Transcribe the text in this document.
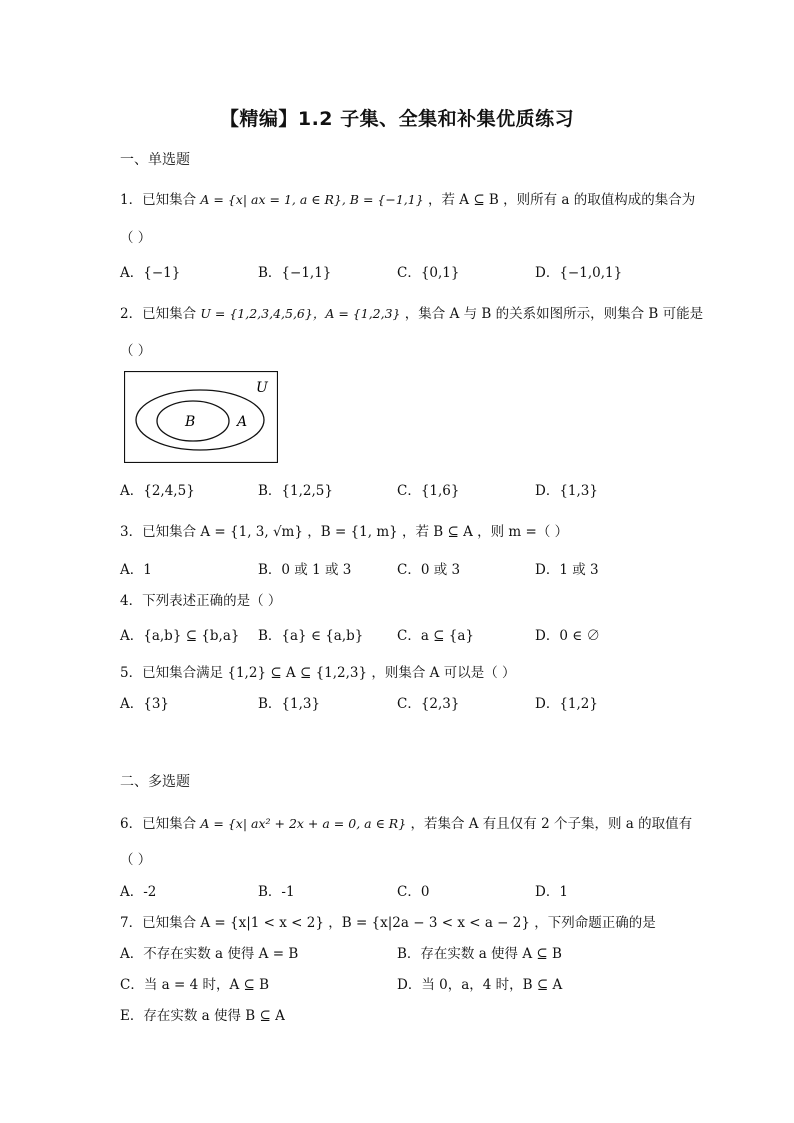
【精编】1.2 子集、全集和补集优质练习
一、单选题
1．已知集合 A = {x| ax = 1, a ∈ R}, B = {−1,1} ，若 A ⊆ B ，则所有 a 的取值构成的集合为
（ ）
A．{−1}	B．{−1,1}	C．{0,1}	D．{−1,0,1}
2．已知集合 U = {1,2,3,4,5,6}，A = {1,2,3} ，集合 A 与 B 的关系如图所示，则集合 B 可能是
（ ）
U
A
B
A．{2,4,5}	B．{1,2,5}	C．{1,6}	D．{1,3}
3．已知集合 A = {1, 3, √m} ，B = {1, m} ，若 B ⊆ A ，则 m =（ ）
A．1	B．0 或 1 或 3	C．0 或 3	D．1 或 3
4．下列表述正确的是（ ）
A．{a,b} ⊆ {b,a} B．{a} ∈ {a,b} C．a ⊆ {a}	D．0 ∈ ∅
5．已知集合满足 {1,2} ⊆ A ⊆ {1,2,3} ，则集合 A 可以是（ ）
A．{3}	B．{1,3}	C．{2,3}	D．{1,2}
二、多选题
6．已知集合 A = {x| ax² + 2x + a = 0, a ∈ R} ，若集合 A 有且仅有 2 个子集，则 a 的取值有
（ ）
A．-2	B．-1	C．0	D．1
7．已知集合 A = {x|1 < x < 2} ，B = {x|2a − 3 < x < a − 2} ，下列命题正确的是
A．不存在实数 a 使得 A = B	B．存在实数 a 使得 A ⊆ B
C．当 a = 4 时，A ⊆ B	D．当 0，a，4 时，B ⊆ A
E．存在实数 a 使得 B ⊆ A
